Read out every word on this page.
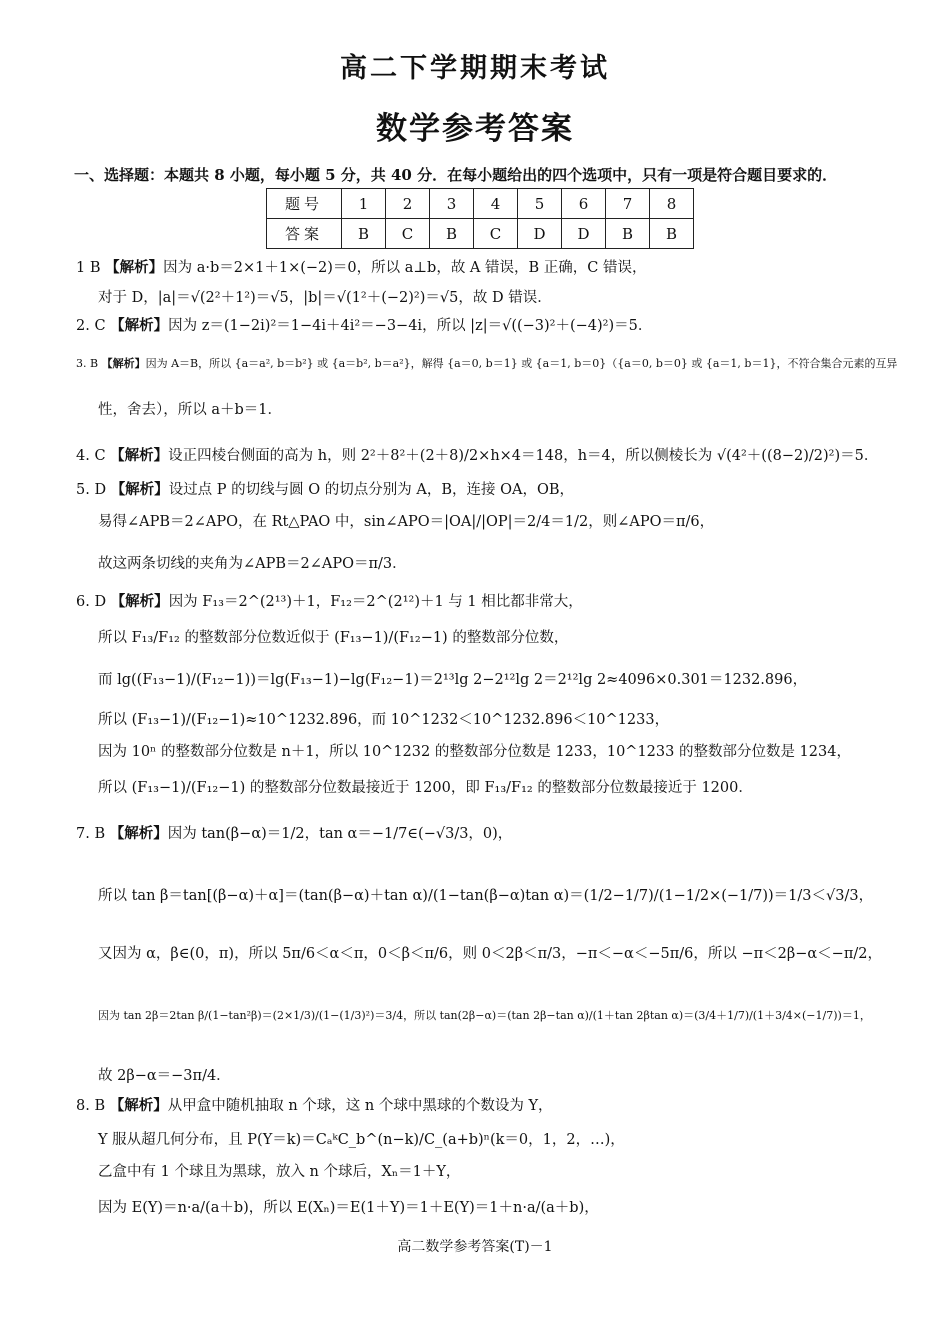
高二下学期期末考试
数学参考答案
一、选择题：本题共 8 小题，每小题 5 分，共 40 分．在每小题给出的四个选项中，只有一项是符合题目要求的．
题号	1	2	3	4	5	6	7	8
答案	B	C	B	C	D	D	B	B
1 B 【解析】因为 a·b＝2×1＋1×(−2)＝0，所以 a⊥b，故 A 错误，B 正确，C 错误，
对于 D，|a|＝√(2²＋1²)＝√5，|b|＝√(1²＋(−2)²)＝√5，故 D 错误．
2. C 【解析】因为 z＝(1−2i)²＝1−4i＋4i²＝−3−4i，所以 |z|＝√((−3)²＋(−4)²)＝5．
3. B 【解析】因为 A＝B，所以 {a＝a², b＝b²} 或 {a＝b², b＝a²}，解得 {a＝0, b＝1} 或 {a＝1, b＝0}（{a＝0, b＝0} 或 {a＝1, b＝1}，不符合集合元素的互异
性，舍去），所以 a＋b＝1．
4. C 【解析】设正四棱台侧面的高为 h，则 2²＋8²＋(2＋8)/2×h×4＝148，h＝4，所以侧棱长为 √(4²＋((8−2)/2)²)＝5．
5. D 【解析】设过点 P 的切线与圆 O 的切点分别为 A，B，连接 OA，OB，
易得∠APB＝2∠APO，在 Rt△PAO 中，sin∠APO＝|OA|/|OP|＝2/4＝1/2，则∠APO＝π/6，
故这两条切线的夹角为∠APB＝2∠APO＝π/3．
6. D 【解析】因为 F₁₃＝2^(2¹³)＋1，F₁₂＝2^(2¹²)＋1 与 1 相比都非常大，
所以 F₁₃/F₁₂ 的整数部分位数近似于 (F₁₃−1)/(F₁₂−1) 的整数部分位数，
而 lg((F₁₃−1)/(F₁₂−1))＝lg(F₁₃−1)−lg(F₁₂−1)＝2¹³lg 2−2¹²lg 2＝2¹²lg 2≈4096×0.301＝1232.896，
所以 (F₁₃−1)/(F₁₂−1)≈10^1232.896，而 10^1232＜10^1232.896＜10^1233，
因为 10ⁿ 的整数部分位数是 n＋1，所以 10^1232 的整数部分位数是 1233，10^1233 的整数部分位数是 1234，
所以 (F₁₃−1)/(F₁₂−1) 的整数部分位数最接近于 1200，即 F₁₃/F₁₂ 的整数部分位数最接近于 1200．
7. B 【解析】因为 tan(β−α)＝1/2，tan α＝−1/7∈(−√3/3，0)，
所以 tan β＝tan[(β−α)＋α]＝(tan(β−α)＋tan α)/(1−tan(β−α)tan α)＝(1/2−1/7)/(1−1/2×(−1/7))＝1/3＜√3/3，
又因为 α，β∈(0，π)，所以 5π/6＜α＜π，0＜β＜π/6，则 0＜2β＜π/3，−π＜−α＜−5π/6，所以 −π＜2β−α＜−π/2，
因为 tan 2β＝2tan β/(1−tan²β)＝(2×1/3)/(1−(1/3)²)＝3/4，所以 tan(2β−α)＝(tan 2β−tan α)/(1＋tan 2βtan α)＝(3/4＋1/7)/(1＋3/4×(−1/7))＝1，
故 2β−α＝−3π/4．
8. B 【解析】从甲盒中随机抽取 n 个球，这 n 个球中黑球的个数设为 Y，
Y 服从超几何分布，且 P(Y＝k)＝CₐᵏC_b^(n−k)/C_(a+b)ⁿ(k＝0，1，2，…)，
乙盒中有 1 个球且为黑球，放入 n 个球后，Xₙ＝1＋Y，
因为 E(Y)＝n·a/(a＋b)，所以 E(Xₙ)＝E(1＋Y)＝1＋E(Y)＝1＋n·a/(a＋b)，
高二数学参考答案(T)－1
